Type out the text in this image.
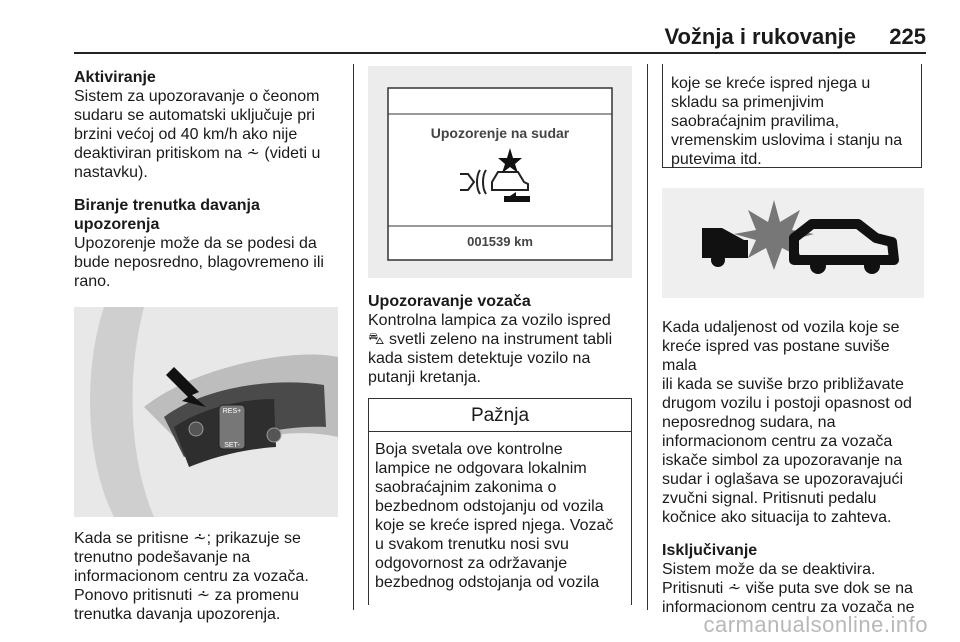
Vožnja i rukovanje 225

Aktiviranje

Sistem za upozoravanje o čeonom

sudaru se automatski uključuje pri

brzini većoj od 40 km/h ako nije

deaktiviran pritiskom na ⩪ (videti u

nastavku).

Biranje trenutka davanja upozorenja

Upozorenje može da se podesi da

bude neposredno, blagovremeno ili

rano.

RES+
SET-

Kada se pritisne ⩪; prikazuje se

trenutno podešavanje na

informacionom centru za vozača.

Ponovo pritisnuti ⩪ za promenu

trenutka davanja upozorenja.

Upozorenje na sudar
001539 km

Upozoravanje vozača

Kontrolna lampica za vozilo ispred

⛍ svetli zeleno na instrument tabli

kada sistem detektuje vozilo na

putanji kretanja.

Pažnja

Boja svetala ove kontrolne

lampice ne odgovara lokalnim

saobraćajnim zakonima o

bezbednom odstojanju od vozila

koje se kreće ispred njega. Vozač

u svakom trenutku nosi svu

odgovornost za održavanje

bezbednog odstojanja od vozila

koje se kreće ispred njega u

skladu sa primenjivim

saobraćajnim pravilima,

vremenskim uslovima i stanju na

putevima itd.

Kada udaljenost od vozila koje se

kreće ispred vas postane suviše mala

ili kada se suviše brzo približavate

drugom vozilu i postoji opasnost od

neposrednog sudara, na

informacionom centru za vozača

iskače simbol za upozoravanje na

sudar i oglašava se upozoravajući

zvučni signal. Pritisnuti pedalu

kočnice ako situacija to zahteva.

Isključivanje

Sistem može da se deaktivira.

Pritisnuti ⩪ više puta sve dok se na

informacionom centru za vozača ne

carmanualsonline.info
